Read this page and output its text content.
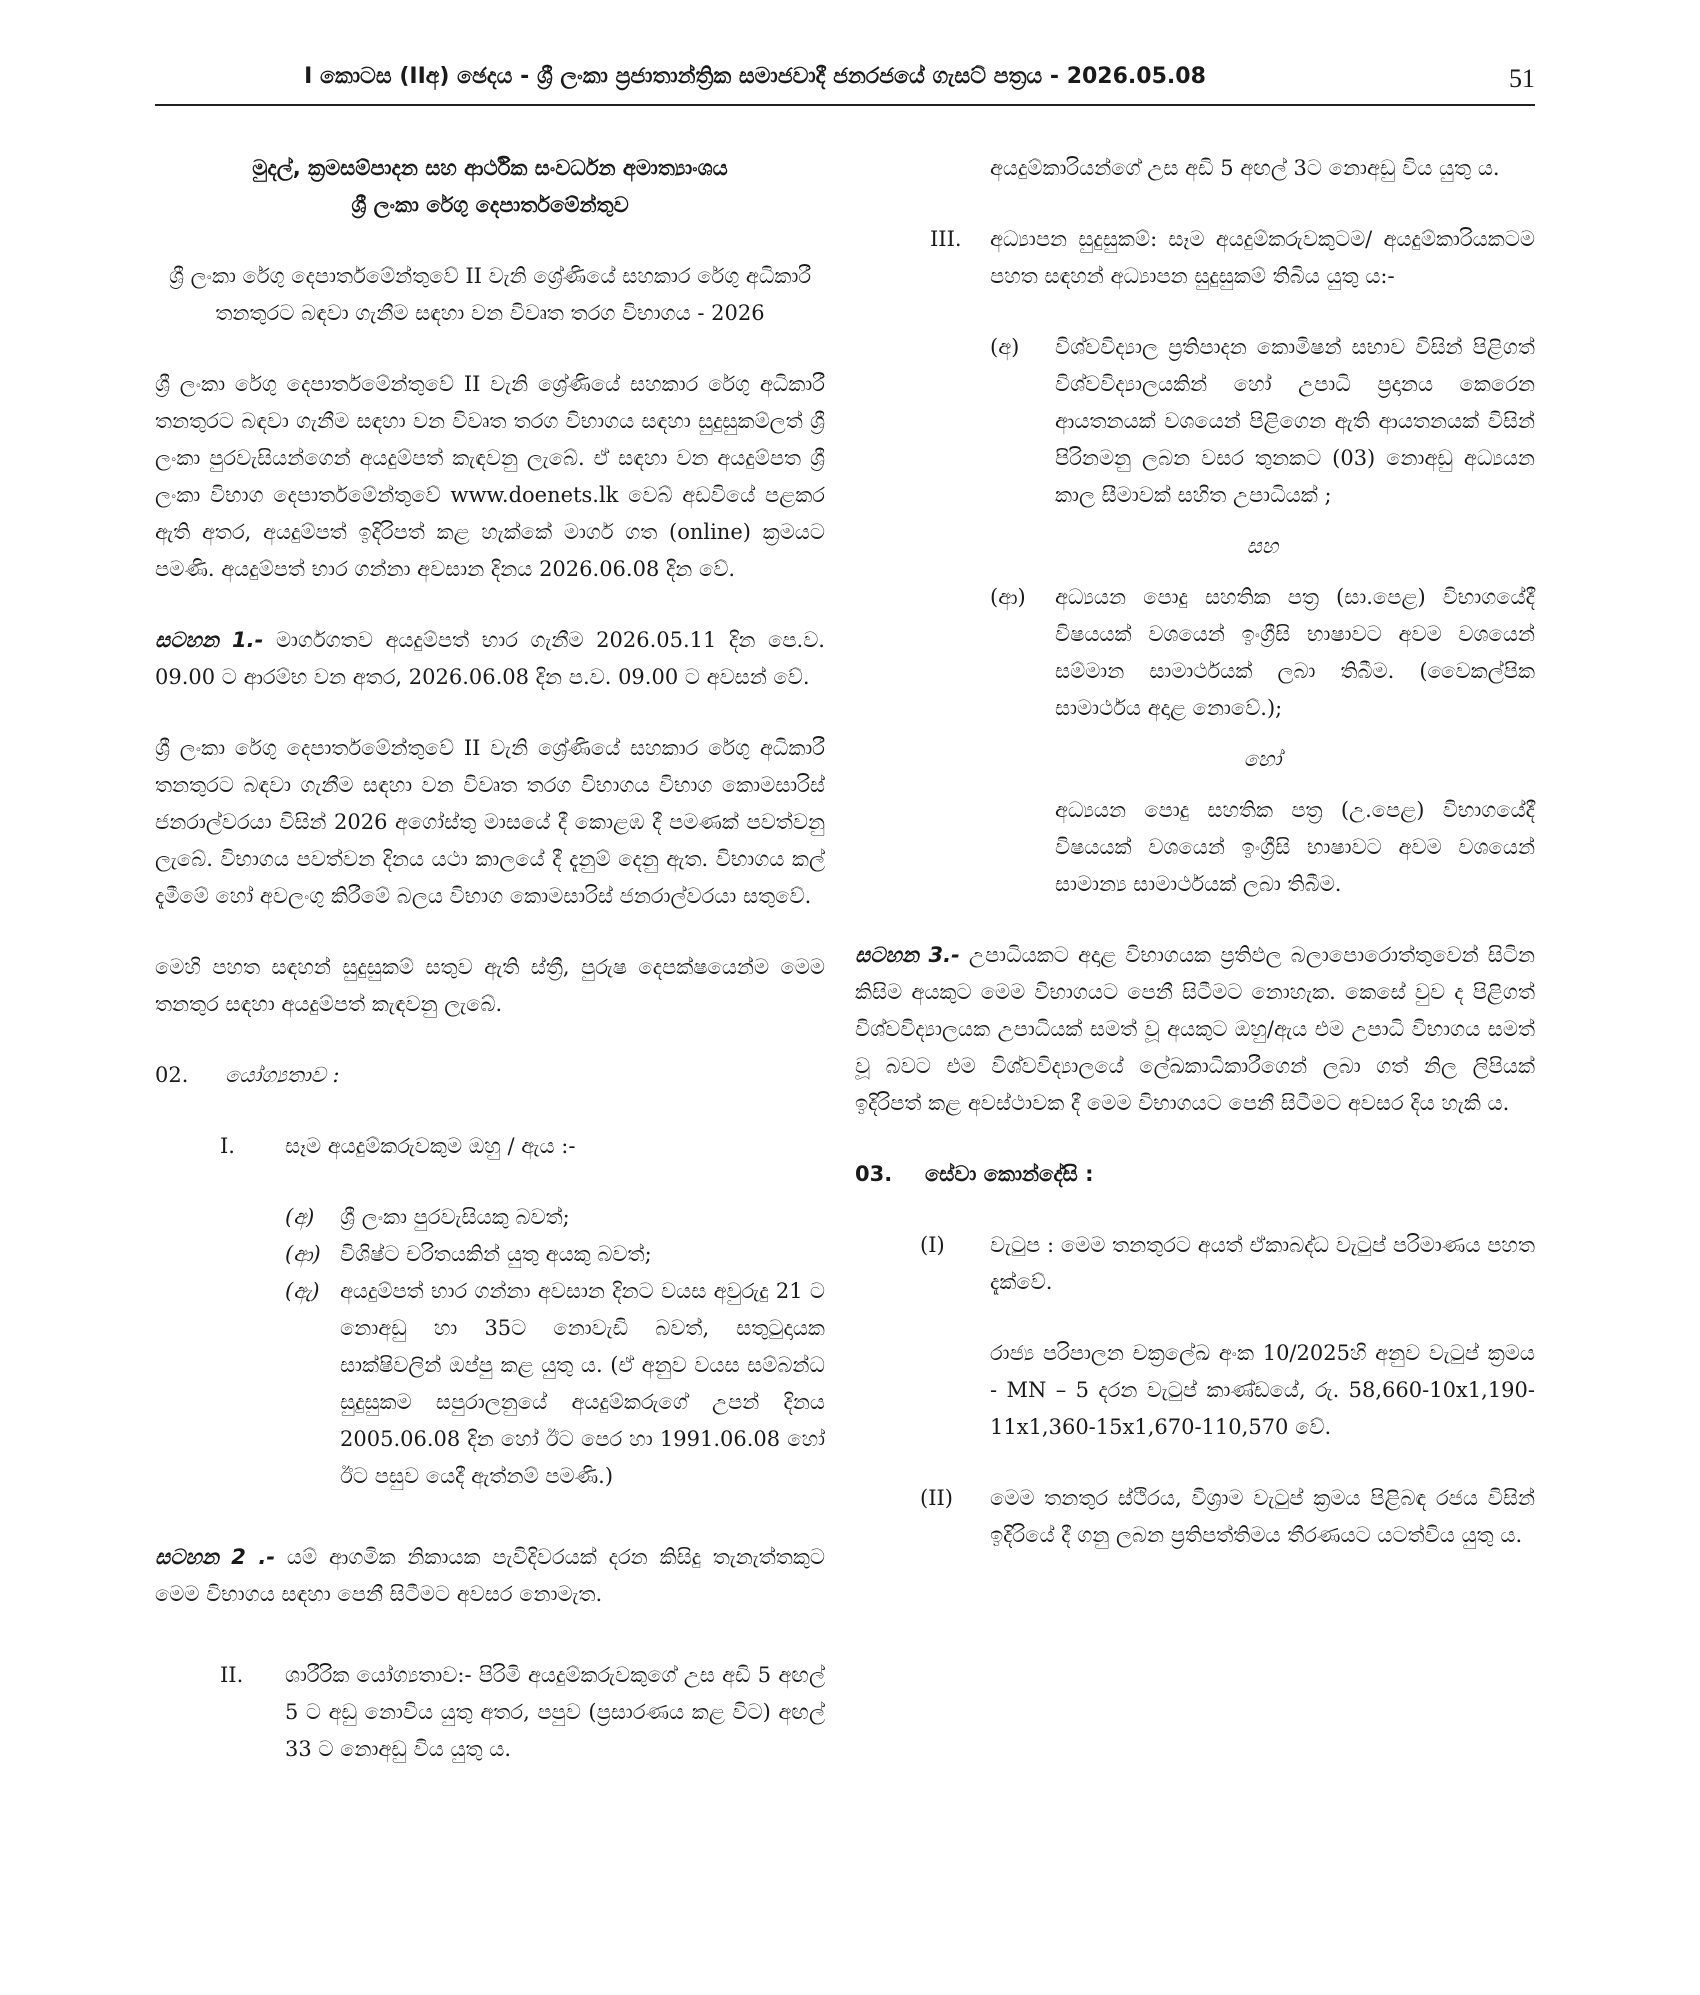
I කොටස (IIඅ) ඡෙදය - ශ්‍රී ලංකා ප්‍රජාතාන්ත්‍රික සමාජවාදී ජනරජයේ ගැසට් පත්‍රය - 2026.05.08	51

මුදල්, ක්‍රමසම්පාදන සහ ආර්ථික සංවර්ධන අමාත්‍යාංශය

ශ්‍රී ලංකා රේගු දෙපාර්තමේන්තුව

ශ්‍රී ලංකා රේගු දෙපාර්තමේන්තුවේ II වැනි ශ්‍රේණියේ සහකාර රේගු අධිකාරී තනතුරට බඳවා ගැනීම සඳහා වන විවෘත තරග විභාගය - 2026

ශ්‍රී ලංකා රේගු දෙපාර්තමේන්තුවේ II වැනි ශ්‍රේණියේ සහකාර රේගු අධිකාරී තනතුරට බඳවා ගැනීම සඳහා වන විවෘත තරග විභාගය සඳහා සුදුසුකම්ලත් ශ්‍රී ලංකා පුරවැසියන්ගෙන් අයදුම්පත් කැඳවනු ලැබේ. ඒ සඳහා වන අයදුම්පත ශ්‍රී ලංකා විභාග දෙපාර්තමේන්තුවේ www.doenets.lk වෙබ් අඩවියේ පළකර ඇති අතර, අයදුම්පත් ඉදිරිපත් කළ හැක්කේ මාර්ග ගත (online) ක්‍රමයට පමණි. අයදුම්පත් භාර ගන්නා අවසාන දිනය 2026.06.08 දින වේ.

සටහන 1.- මාර්ගගතව අයදුම්පත් භාර ගැනීම 2026.05.11 දින පෙ.ව. 09.00 ට ආරම්භ වන අතර, 2026.06.08 දින ප.ව. 09.00 ට අවසන් වේ.

ශ්‍රී ලංකා රේගු දෙපාර්තමේන්තුවේ II වැනි ශ්‍රේණියේ සහකාර රේගු අධිකාරී තනතුරට බඳවා ගැනීම සඳහා වන විවෘත තරග විභාගය විභාග කොමසාරිස් ජනරාල්වරයා විසින් 2026 අගෝස්තු මාසයේ දී කොළඹ දී පමණක් පවත්වනු ලැබේ. විභාගය පවත්වන දිනය යථා කාලයේ දී දැනුම් දෙනු ඇත. විභාගය කල් දැමීමේ හෝ අවලංගු කිරීමේ බලය විභාග කොමසාරිස් ජනරාල්වරයා සතුවේ.

මෙහි පහත සඳහන් සුදුසුකම් සතුව ඇති ස්ත්‍රී, පුරුෂ දෙපක්ෂයෙන්ම මෙම තනතුර සඳහා අයදුම්පත් කැඳවනු ලැබේ.

02.	යෝග්‍යතාව :
I.	සෑම අයදුම්කරුවකුම ඔහු / ඇය :-
(අ)	ශ්‍රී ලංකා පුරවැසියකු බවත්;
(ආ) විශිෂ්ට චරිතයකින් යුතු අයකු බවත්;
(ඇ) අයදුම්පත් භාර ගන්නා අවසාන දිනට වයස අවුරුදු 21 ට නොඅඩු හා 35ට නොවැඩි බවත්, සතුටුදායක සාක්ෂිවලින් ඔප්පු කළ යුතු ය. (ඒ අනුව වයස සම්බන්ධ සුදුසුකම සපුරාලනුයේ අයදුම්කරුගේ උපන් දිනය 2005.06.08 දින හෝ ඊට පෙර හා 1991.06.08 හෝ ඊට පසුව යෙදී ඇත්නම් පමණි.)

සටහන 2 .- යම් ආගමික නිකායක පැවිදිවරයක් දරන කිසිදු තැනැත්තකුට මෙම විභාගය සඳහා පෙනී සිටීමට අවසර නොමැත.

II.	ශාරීරික යෝග්‍යතාව:- පිරිමි අයදුම්කරුවකුගේ උස අඩි 5 අඟල් 5 ට අඩු නොවිය යුතු අතර, පපුව (ප්‍රසාරණය කළ විට) අඟල් 33 ට නොඅඩු විය යුතු ය.

අයදුම්කාරියන්ගේ උස අඩි 5 අඟල් 3ට නොඅඩු විය යුතු ය.

III.	අධ්‍යාපන සුදුසුකම්: සෑම අයදුම්කරුවකුටම/ අයදුම්කාරියකටම පහත සඳහන් අධ්‍යාපන සුදුසුකම් තිබිය යුතු ය:-
(අ)	විශ්වවිද්‍යාල ප්‍රතිපාදන කොමිෂන් සභාව විසින් පිළිගත් විශ්වවිද්‍යාලයකින් හෝ උපාධි ප්‍රදානය කෙරෙන ආයතනයක් වශයෙන් පිළිගෙන ඇති ආයතනයක් විසින් පිරිනමනු ලබන වසර තුනකට (03) නොඅඩු අධ්‍යයන කාල සීමාවක් සහිත උපාධියක් ;

සහ

(ආ)	අධ්‍යයන පොදු සහතික පත්‍ර (සා.පෙළ) විභාගයේදී විෂයයක් වශයෙන් ඉංග්‍රීසි භාෂාවට අවම වශයෙන් සම්මාන සාමාර්ථයක් ලබා තිබීම. (වෛකල්පික සාමාර්ථය අදාළ නොවේ.);

හෝ

අධ්‍යයන පොදු සහතික පත්‍ර (උ.පෙළ) විභාගයේදී විෂයයක් වශයෙන් ඉංග්‍රීසි භාෂාවට අවම වශයෙන් සාමාන්‍ය සාමාර්ථයක් ලබා තිබීම.

සටහන 3.- උපාධියකට අදාළ විභාගයක ප්‍රතිඵල බලාපොරොත්තුවෙන් සිටින කිසිම අයකුට මෙම විභාගයට පෙනී සිටීමට නොහැක. කෙසේ වුව ද පිළිගත් විශ්වවිද්‍යාලයක උපාධියක් සමත් වූ අයකුට ඔහු/ඇය එම උපාධි විභාගය සමත් වූ බවට එම විශ්වවිද්‍යාලයේ ලේඛකාධිකාරීගෙන් ලබා ගත් නිල ලිපියක් ඉදිරිපත් කළ අවස්ථාවක දී මෙම විභාගයට පෙනී සිටීමට අවසර දිය හැකි ය.

03.	සේවා කොන්දේසි :
(I)	වැටුප : මෙම තනතුරට අයත් ඒකාබද්ධ වැටුප් පරිමාණය පහත දැක්වේ.

රාජ්‍ය පරිපාලන චක්‍රලේඛ අංක 10/2025හි අනුව වැටුප් ක්‍රමය - MN – 5 දරන වැටුප් කාණ්ඩයේ, රු. 58,660-10x1,190-11x1,360-15x1,670-110,570 වේ.

(II)	මෙම තනතුර ස්ථිරය, විශ්‍රාම වැටුප් ක්‍රමය පිළිබඳ රජය විසින් ඉදිරියේ දී ගනු ලබන ප්‍රතිපත්තිමය තීරණයට යටත්විය යුතු ය.
